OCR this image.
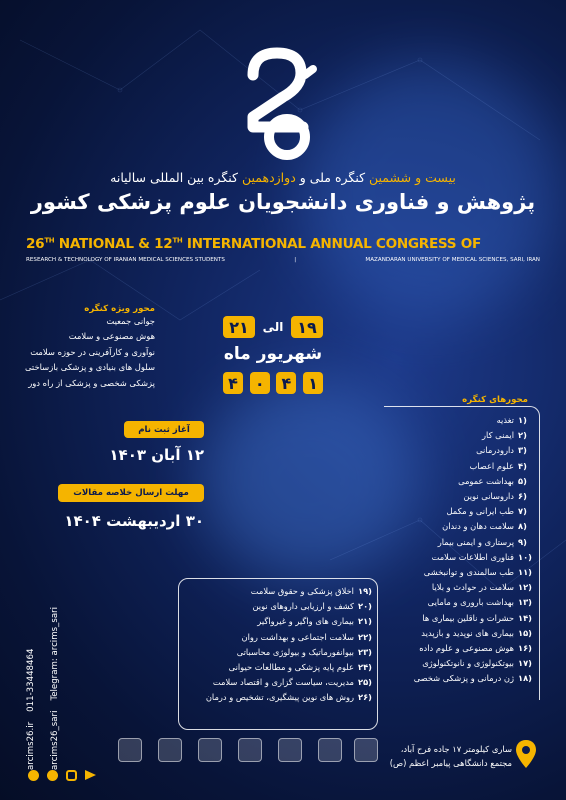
بیست و ششمین کنگره ملی و دوازدهمین کنگره بین المللی سالیانه
پژوهش و فناوری دانشجویان علوم پزشکی کشور
26TH NATIONAL & 12TH INTERNATIONAL ANNUAL CONGRESS OF
RESEARCH & TECHNOLOGY OF IRANIAN MEDICAL SCIENCES STUDENTS	|	MAZANDARAN UNIVERSITY OF MEDICAL SCIENCES, SARI, IRAN
محور ویژه کنگره
جوانی جمعیت
هوش مصنوعی و سلامت
نوآوری و کارآفرینی در حوزه سلامت
سلول های بنیادی و پزشکی بازساختی
پزشکی شخصی و پزشکی از راه دور
۱۹
الی
۲۱
شهریور ماه
۱
۴
۰
۴
آغاز ثبت نام
۱۲ آبان ۱۴۰۳
مهلت ارسال خلاصه مقالات
۳۰ اردیبهشت ۱۴۰۴
محورهای کنگره
تغذیه ۱)
ایمنی کار ۲)
دارودرمانی ۳)
علوم اعصاب ۴)
بهداشت عمومی ۵)
داروسانی نوین ۶)
طب ایرانی و مکمل ۷)
سلامت دهان و دندان ۸)
پرستاری و ایمنی بیمار ۹)
فناوری اطلاعات سلامت ۱۰)
طب سالمندی و توانبخشی ۱۱)
سلامت در حوادث و بلایا ۱۲)
بهداشت باروری و مامایی ۱۳)
حشرات و ناقلین بیماری ها ۱۴)
بیماری های نوپدید و بازپدید ۱۵)
هوش مصنوعی و علوم داده ۱۶)
بیوتکنولوژی و نانوتکنولوژی ۱۷)
ژن درمانی و پزشکی شخصی ۱۸)
اخلاق پزشکی و حقوق سلامت ۱۹)
کشف و ارزیابی داروهای نوین ۲۰)
بیماری های واگیر و غیرواگیر ۲۱)
سلامت اجتماعی و بهداشت روان ۲۲)
بیوانفورماتیک و بیولوژی محاسباتی ۲۳)
علوم پایه پزشکی و مطالعات حیوانی ۲۴)
مدیریت، سیاست گزاری و اقتصاد سلامت ۲۵)
روش های نوین پیشگیری، تشخیص و درمان ۲۶)
ساری کیلومتر ۱۷ جاده فرح آباد،
مجتمع دانشگاهی پیامبر اعظم (ص)
arcims26.ir
011-33448464
arcims26_sari
Telegram: arcims_sari
